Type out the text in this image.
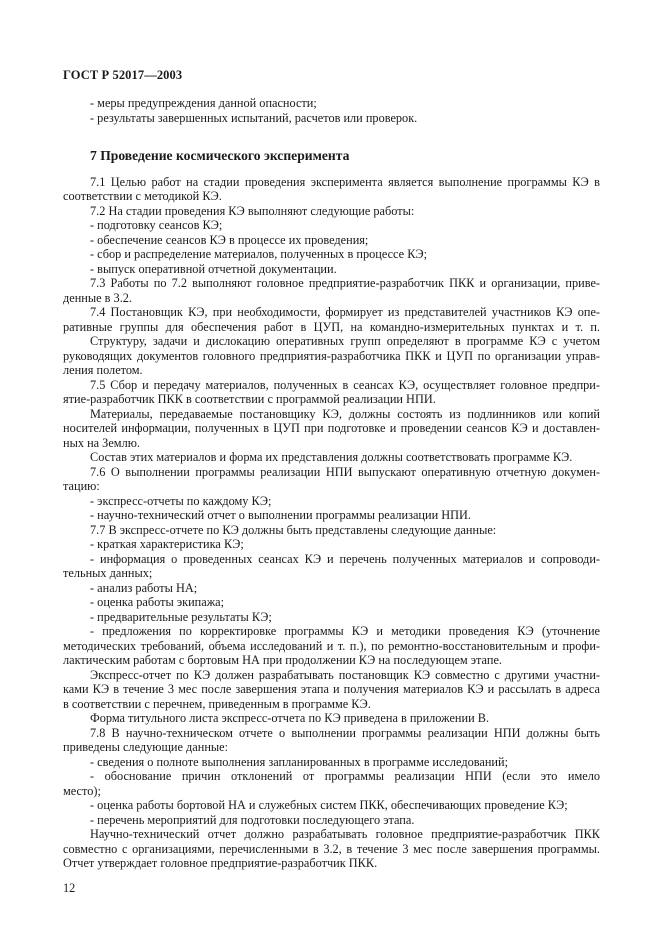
ГОСТ Р 52017—2003
- меры предупреждения данной опасности;
- результаты завершенных испытаний, расчетов или проверок.
7 Проведение космического эксперимента
7.1 Целью работ на стадии проведения эксперимента является выполнение программы КЭ в
соответствии с методикой КЭ.
7.2 На стадии проведения КЭ выполняют следующие работы:
- подготовку сеансов КЭ;
- обеспечение сеансов КЭ в процессе их проведения;
- сбор и распределение материалов, полученных в процессе КЭ;
- выпуск оперативной отчетной документации.
7.3 Работы по 7.2 выполняют головное предприятие-разработчик ПКК и организации, приве-
денные в 3.2.
7.4 Постановщик КЭ, при необходимости, формирует из представителей участников КЭ опе-
ративные группы для обеспечения работ в ЦУП, на командно-измерительных пунктах и т. п.
Структуру, задачи и дислокацию оперативных групп определяют в программе КЭ с учетом
руководящих документов головного предприятия-разработчика ПКК и ЦУП по организации управ-
ления полетом.
7.5 Сбор и передачу материалов, полученных в сеансах КЭ, осуществляет головное предпри-
ятие-разработчик ПКК в соответствии с программой реализации НПИ.
Материалы, передаваемые постановщику КЭ, должны состоять из подлинников или копий
носителей информации, полученных в ЦУП при подготовке и проведении сеансов КЭ и доставлен-
ных на Землю.
Состав этих материалов и форма их представления должны соответствовать программе КЭ.
7.6 О выполнении программы реализации НПИ выпускают оперативную отчетную докумен-
тацию:
- экспресс-отчеты по каждому КЭ;
- научно-технический отчет о выполнении программы реализации НПИ.
7.7 В экспресс-отчете по КЭ должны быть представлены следующие данные:
- краткая характеристика КЭ;
- информация о проведенных сеансах КЭ и перечень полученных материалов и сопроводи-
тельных данных;
- анализ работы НА;
- оценка работы экипажа;
- предварительные результаты КЭ;
- предложения по корректировке программы КЭ и методики проведения КЭ (уточнение
методических требований, объема исследований и т. п.), по ремонтно-восстановительным и профи-
лактическим работам с бортовым НА при продолжении КЭ на последующем этапе.
Экспресс-отчет по КЭ должен разрабатывать постановщик КЭ совместно с другими участни-
ками КЭ в течение 3 мес после завершения этапа и получения материалов КЭ и рассылать в адреса
в соответствии с перечнем, приведенным в программе КЭ.
Форма титульного листа экспресс-отчета по КЭ приведена в приложении В.
7.8 В научно-техническом отчете о выполнении программы реализации НПИ должны быть
приведены следующие данные:
- сведения о полноте выполнения запланированных в программе исследований;
- обоснование причин отклонений от программы реализации НПИ (если это имело
место);
- оценка работы бортовой НА и служебных систем ПКК, обеспечивающих проведение КЭ;
- перечень мероприятий для подготовки последующего этапа.
Научно-технический отчет должно разрабатывать головное предприятие-разработчик ПКК
совместно с организациями, перечисленными в 3.2, в течение 3 мес после завершения программы.
Отчет утверждает головное предприятие-разработчик ПКК.
12
